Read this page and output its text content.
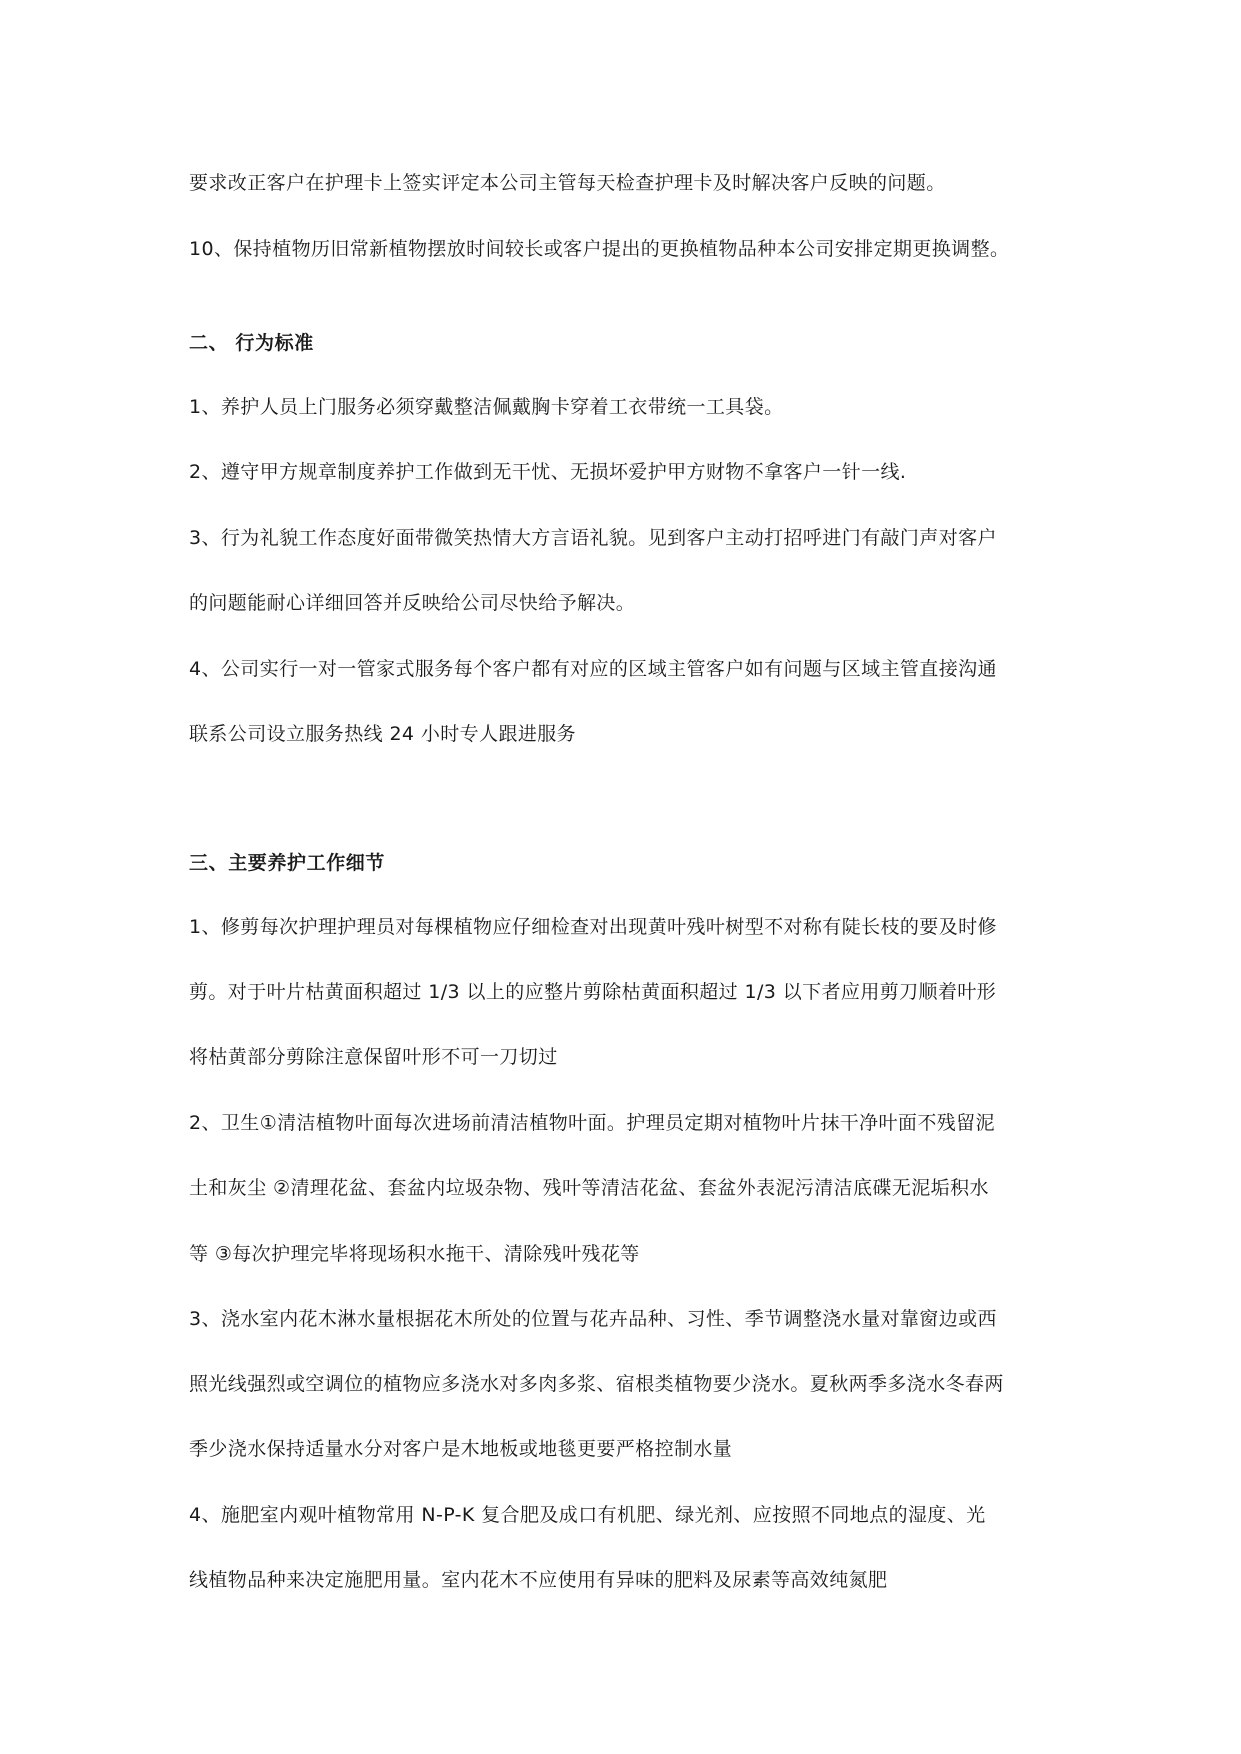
要求改正客户在护理卡上签实评定本公司主管每天检查护理卡及时解决客户反映的问题。
10、保持植物历旧常新植物摆放时间较长或客户提出的更换植物品种本公司安排定期更换调整。
二、 行为标准
1、养护人员上门服务必须穿戴整洁佩戴胸卡穿着工衣带统一工具袋。
2、遵守甲方规章制度养护工作做到无干忧、无损坏爱护甲方财物不拿客户一针一线.
3、行为礼貌工作态度好面带微笑热情大方言语礼貌。见到客户主动打招呼进门有敲门声对客户
的问题能耐心详细回答并反映给公司尽快给予解决。
4、公司实行一对一管家式服务每个客户都有对应的区域主管客户如有问题与区域主管直接沟通
联系公司设立服务热线 24 小时专人跟进服务
三、主要养护工作细节
1、修剪每次护理护理员对每棵植物应仔细检查对出现黄叶残叶树型不对称有陡长枝的要及时修
剪。对于叶片枯黄面积超过 1/3 以上的应整片剪除枯黄面积超过 1/3 以下者应用剪刀顺着叶形
将枯黄部分剪除注意保留叶形不可一刀切过
2、卫生①清洁植物叶面每次进场前清洁植物叶面。护理员定期对植物叶片抹干净叶面不残留泥
土和灰尘 ②清理花盆、套盆内垃圾杂物、残叶等清洁花盆、套盆外表泥污清洁底碟无泥垢积水
等 ③每次护理完毕将现场积水拖干、清除残叶残花等
3、浇水室内花木淋水量根据花木所处的位置与花卉品种、习性、季节调整浇水量对靠窗边或西
照光线强烈或空调位的植物应多浇水对多肉多浆、宿根类植物要少浇水。夏秋两季多浇水冬春两
季少浇水保持适量水分对客户是木地板或地毯更要严格控制水量
4、施肥室内观叶植物常用 N-P-K 复合肥及成口有机肥、绿光剂、应按照不同地点的湿度、光
线植物品种来决定施肥用量。室内花木不应使用有异味的肥料及尿素等高效纯氮肥
